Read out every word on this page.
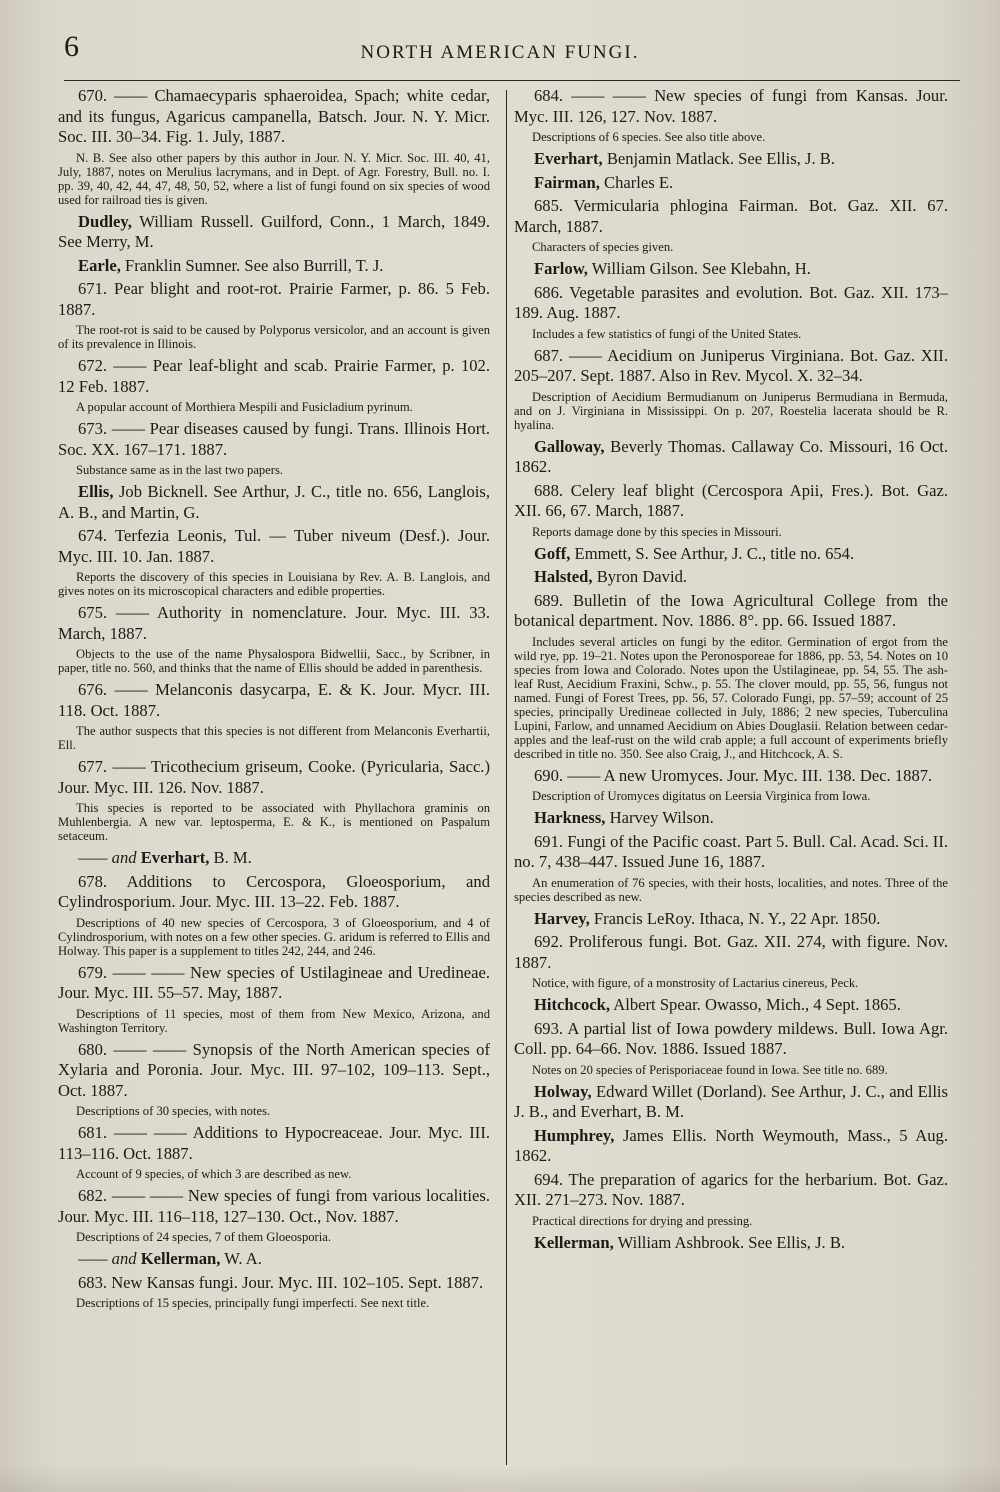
6	NORTH AMERICAN FUNGI.

670. —— Chamaecyparis sphaeroidea, Spach; white cedar, and its fungus, Agaricus campanella, Batsch. Jour. N. Y. Micr. Soc. III. 30–34. Fig. 1. July, 1887.

N. B. See also other papers by this author in Jour. N. Y. Micr. Soc. III. 40, 41, July, 1887, notes on Merulius lacrymans, and in Dept. of Agr. Forestry, Bull. no. I. pp. 39, 40, 42, 44, 47, 48, 50, 52, where a list of fungi found on six species of wood used for railroad ties is given.

Dudley, William Russell. Guilford, Conn., 1 March, 1849. See Merry, M.

Earle, Franklin Sumner. See also Burrill, T. J.

671. Pear blight and root-rot. Prairie Farmer, p. 86. 5 Feb. 1887.

The root-rot is said to be caused by Polyporus versicolor, and an account is given of its prevalence in Illinois.

672. —— Pear leaf-blight and scab. Prairie Farmer, p. 102. 12 Feb. 1887.

A popular account of Morthiera Mespili and Fusicladium pyrinum.

673. —— Pear diseases caused by fungi. Trans. Illinois Hort. Soc. XX. 167–171. 1887.

Substance same as in the last two papers.

Ellis, Job Bicknell. See Arthur, J. C., title no. 656, Langlois, A. B., and Martin, G.

674. Terfezia Leonis, Tul. — Tuber niveum (Desf.). Jour. Myc. III. 10. Jan. 1887.

Reports the discovery of this species in Louisiana by Rev. A. B. Langlois, and gives notes on its microscopical characters and edible properties.

675. —— Authority in nomenclature. Jour. Myc. III. 33. March, 1887.

Objects to the use of the name Physalospora Bidwellii, Sacc., by Scribner, in paper, title no. 560, and thinks that the name of Ellis should be added in parenthesis.

676. —— Melanconis dasycarpa, E. & K. Jour. Mycr. III. 118. Oct. 1887.

The author suspects that this species is not different from Melanconis Everhartii, Ell.

677. —— Tricothecium griseum, Cooke. (Pyricularia, Sacc.) Jour. Myc. III. 126. Nov. 1887.

This species is reported to be associated with Phyllachora graminis on Muhlenbergia. A new var. leptosperma, E. & K., is mentioned on Paspalum setaceum.

—— and Everhart, B. M.

678. Additions to Cercospora, Gloeosporium, and Cylindrosporium. Jour. Myc. III. 13–22. Feb. 1887.

Descriptions of 40 new species of Cercospora, 3 of Gloeosporium, and 4 of Cylindrosporium, with notes on a few other species. G. aridum is referred to Ellis and Holway. This paper is a supplement to titles 242, 244, and 246.

679. —— —— New species of Ustilagineae and Uredineae. Jour. Myc. III. 55–57. May, 1887.

Descriptions of 11 species, most of them from New Mexico, Arizona, and Washington Territory.

680. —— —— Synopsis of the North American species of Xylaria and Poronia. Jour. Myc. III. 97–102, 109–113. Sept., Oct. 1887.

Descriptions of 30 species, with notes.

681. —— —— Additions to Hypocreaceae. Jour. Myc. III. 113–116. Oct. 1887.

Account of 9 species, of which 3 are described as new.

682. —— —— New species of fungi from various localities. Jour. Myc. III. 116–118, 127–130. Oct., Nov. 1887.

Descriptions of 24 species, 7 of them Gloeosporia.

—— and Kellerman, W. A.

683. New Kansas fungi. Jour. Myc. III. 102–105. Sept. 1887.

Descriptions of 15 species, principally fungi imperfecti. See next title.

684. —— —— New species of fungi from Kansas. Jour. Myc. III. 126, 127. Nov. 1887.

Descriptions of 6 species. See also title above.

Everhart, Benjamin Matlack. See Ellis, J. B.

Fairman, Charles E.

685. Vermicularia phlogina Fairman. Bot. Gaz. XII. 67. March, 1887.

Characters of species given.

Farlow, William Gilson. See Klebahn, H.

686. Vegetable parasites and evolution. Bot. Gaz. XII. 173–189. Aug. 1887.

Includes a few statistics of fungi of the United States.

687. —— Aecidium on Juniperus Virginiana. Bot. Gaz. XII. 205–207. Sept. 1887. Also in Rev. Mycol. X. 32–34.

Description of Aecidium Bermudianum on Juniperus Bermudiana in Bermuda, and on J. Virginiana in Mississippi. On p. 207, Roestelia lacerata should be R. hyalina.

Galloway, Beverly Thomas. Callaway Co. Missouri, 16 Oct. 1862.

688. Celery leaf blight (Cercospora Apii, Fres.). Bot. Gaz. XII. 66, 67. March, 1887.

Reports damage done by this species in Missouri.

Goff, Emmett, S. See Arthur, J. C., title no. 654.

Halsted, Byron David.

689. Bulletin of the Iowa Agricultural College from the botanical department. Nov. 1886. 8°. pp. 66. Issued 1887.

Includes several articles on fungi by the editor. Germination of ergot from the wild rye, pp. 19–21. Notes upon the Peronosporeae for 1886, pp. 53, 54. Notes on 10 species from Iowa and Colorado. Notes upon the Ustilagineae, pp. 54, 55. The ash-leaf Rust, Aecidium Fraxini, Schw., p. 55. The clover mould, pp. 55, 56, fungus not named. Fungi of Forest Trees, pp. 56, 57. Colorado Fungi, pp. 57–59; account of 25 species, principally Uredineae collected in July, 1886; 2 new species, Tuberculina Lupini, Farlow, and unnamed Aecidium on Abies Douglasii. Relation between cedar-apples and the leaf-rust on the wild crab apple; a full account of experiments briefly described in title no. 350. See also Craig, J., and Hitchcock, A. S.

690. —— A new Uromyces. Jour. Myc. III. 138. Dec. 1887.

Description of Uromyces digitatus on Leersia Virginica from Iowa.

Harkness, Harvey Wilson.

691. Fungi of the Pacific coast. Part 5. Bull. Cal. Acad. Sci. II. no. 7, 438–447. Issued June 16, 1887.

An enumeration of 76 species, with their hosts, localities, and notes. Three of the species described as new.

Harvey, Francis LeRoy. Ithaca, N. Y., 22 Apr. 1850.

692. Proliferous fungi. Bot. Gaz. XII. 274, with figure. Nov. 1887.

Notice, with figure, of a monstrosity of Lactarius cinereus, Peck.

Hitchcock, Albert Spear. Owasso, Mich., 4 Sept. 1865.

693. A partial list of Iowa powdery mildews. Bull. Iowa Agr. Coll. pp. 64–66. Nov. 1886. Issued 1887.

Notes on 20 species of Perisporiaceae found in Iowa. See title no. 689.

Holway, Edward Willet (Dorland). See Arthur, J. C., and Ellis J. B., and Everhart, B. M.

Humphrey, James Ellis. North Weymouth, Mass., 5 Aug. 1862.

694. The preparation of agarics for the herbarium. Bot. Gaz. XII. 271–273. Nov. 1887.

Practical directions for drying and pressing.

Kellerman, William Ashbrook. See Ellis, J. B.
